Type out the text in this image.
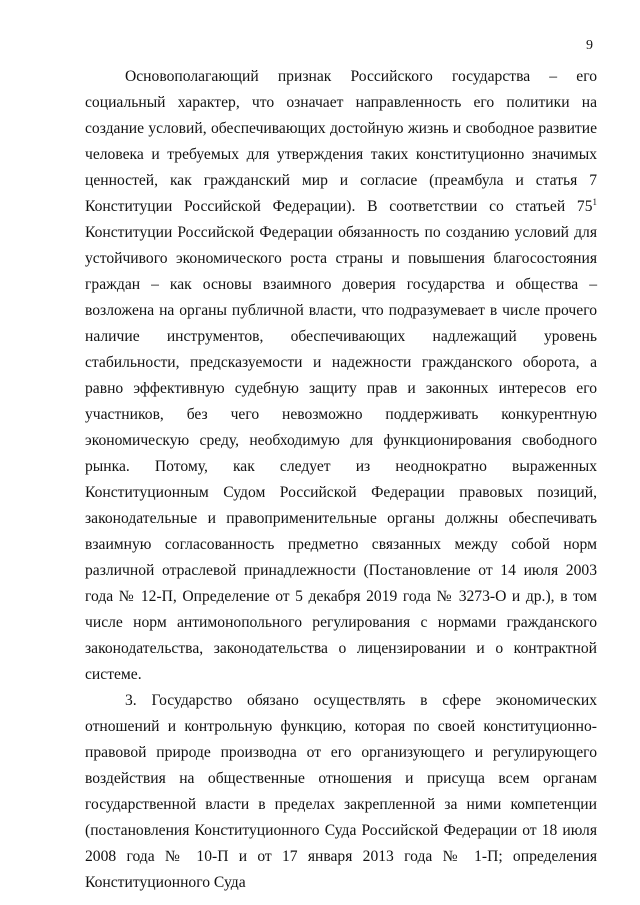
9

Основополагающий признак Российского государства – его социальный характер, что означает направленность его политики на создание условий, обеспечивающих достойную жизнь и свободное развитие человека и требуемых для утверждения таких конституционно значимых ценностей, как гражданский мир и согласие (преамбула и статья 7 Конституции Российской Федерации). В соответствии со статьей $75^1$ Конституции Российской Федерации обязанность по созданию условий для устойчивого экономического роста страны и повышения благосостояния граждан – как основы взаимного доверия государства и общества – возложена на органы публичной власти, что подразумевает в числе прочего наличие инструментов, обеспечивающих надлежащий уровень стабильности, предсказуемости и надежности гражданского оборота, а равно эффективную судебную защиту прав и законных интересов его участников, без чего невозможно поддерживать конкурентную экономическую среду, необходимую для функционирования свободного рынка. Потому, как следует из неоднократно выраженных Конституционным Судом Российской Федерации правовых позиций, законодательные и правоприменительные органы должны обеспечивать взаимную согласованность предметно связанных между собой норм различной отраслевой принадлежности (Постановление от 14 июля 2003 года № 12-П, Определение от 5 декабря 2019 года № 3273-О и др.), в том числе норм антимонопольного регулирования с нормами гражданского законодательства, законодательства о лицензировании и о контрактной системе.

3. Государство обязано осуществлять в сфере экономических отношений и контрольную функцию, которая по своей конституционно-правовой природе производна от его организующего и регулирующего воздействия на общественные отношения и присуща всем органам государственной власти в пределах закрепленной за ними компетенции (постановления Конституционного Суда Российской Федерации от 18 июля 2008 года № 10-П и от 17 января 2013 года № 1-П; определения Конституционного Суда
